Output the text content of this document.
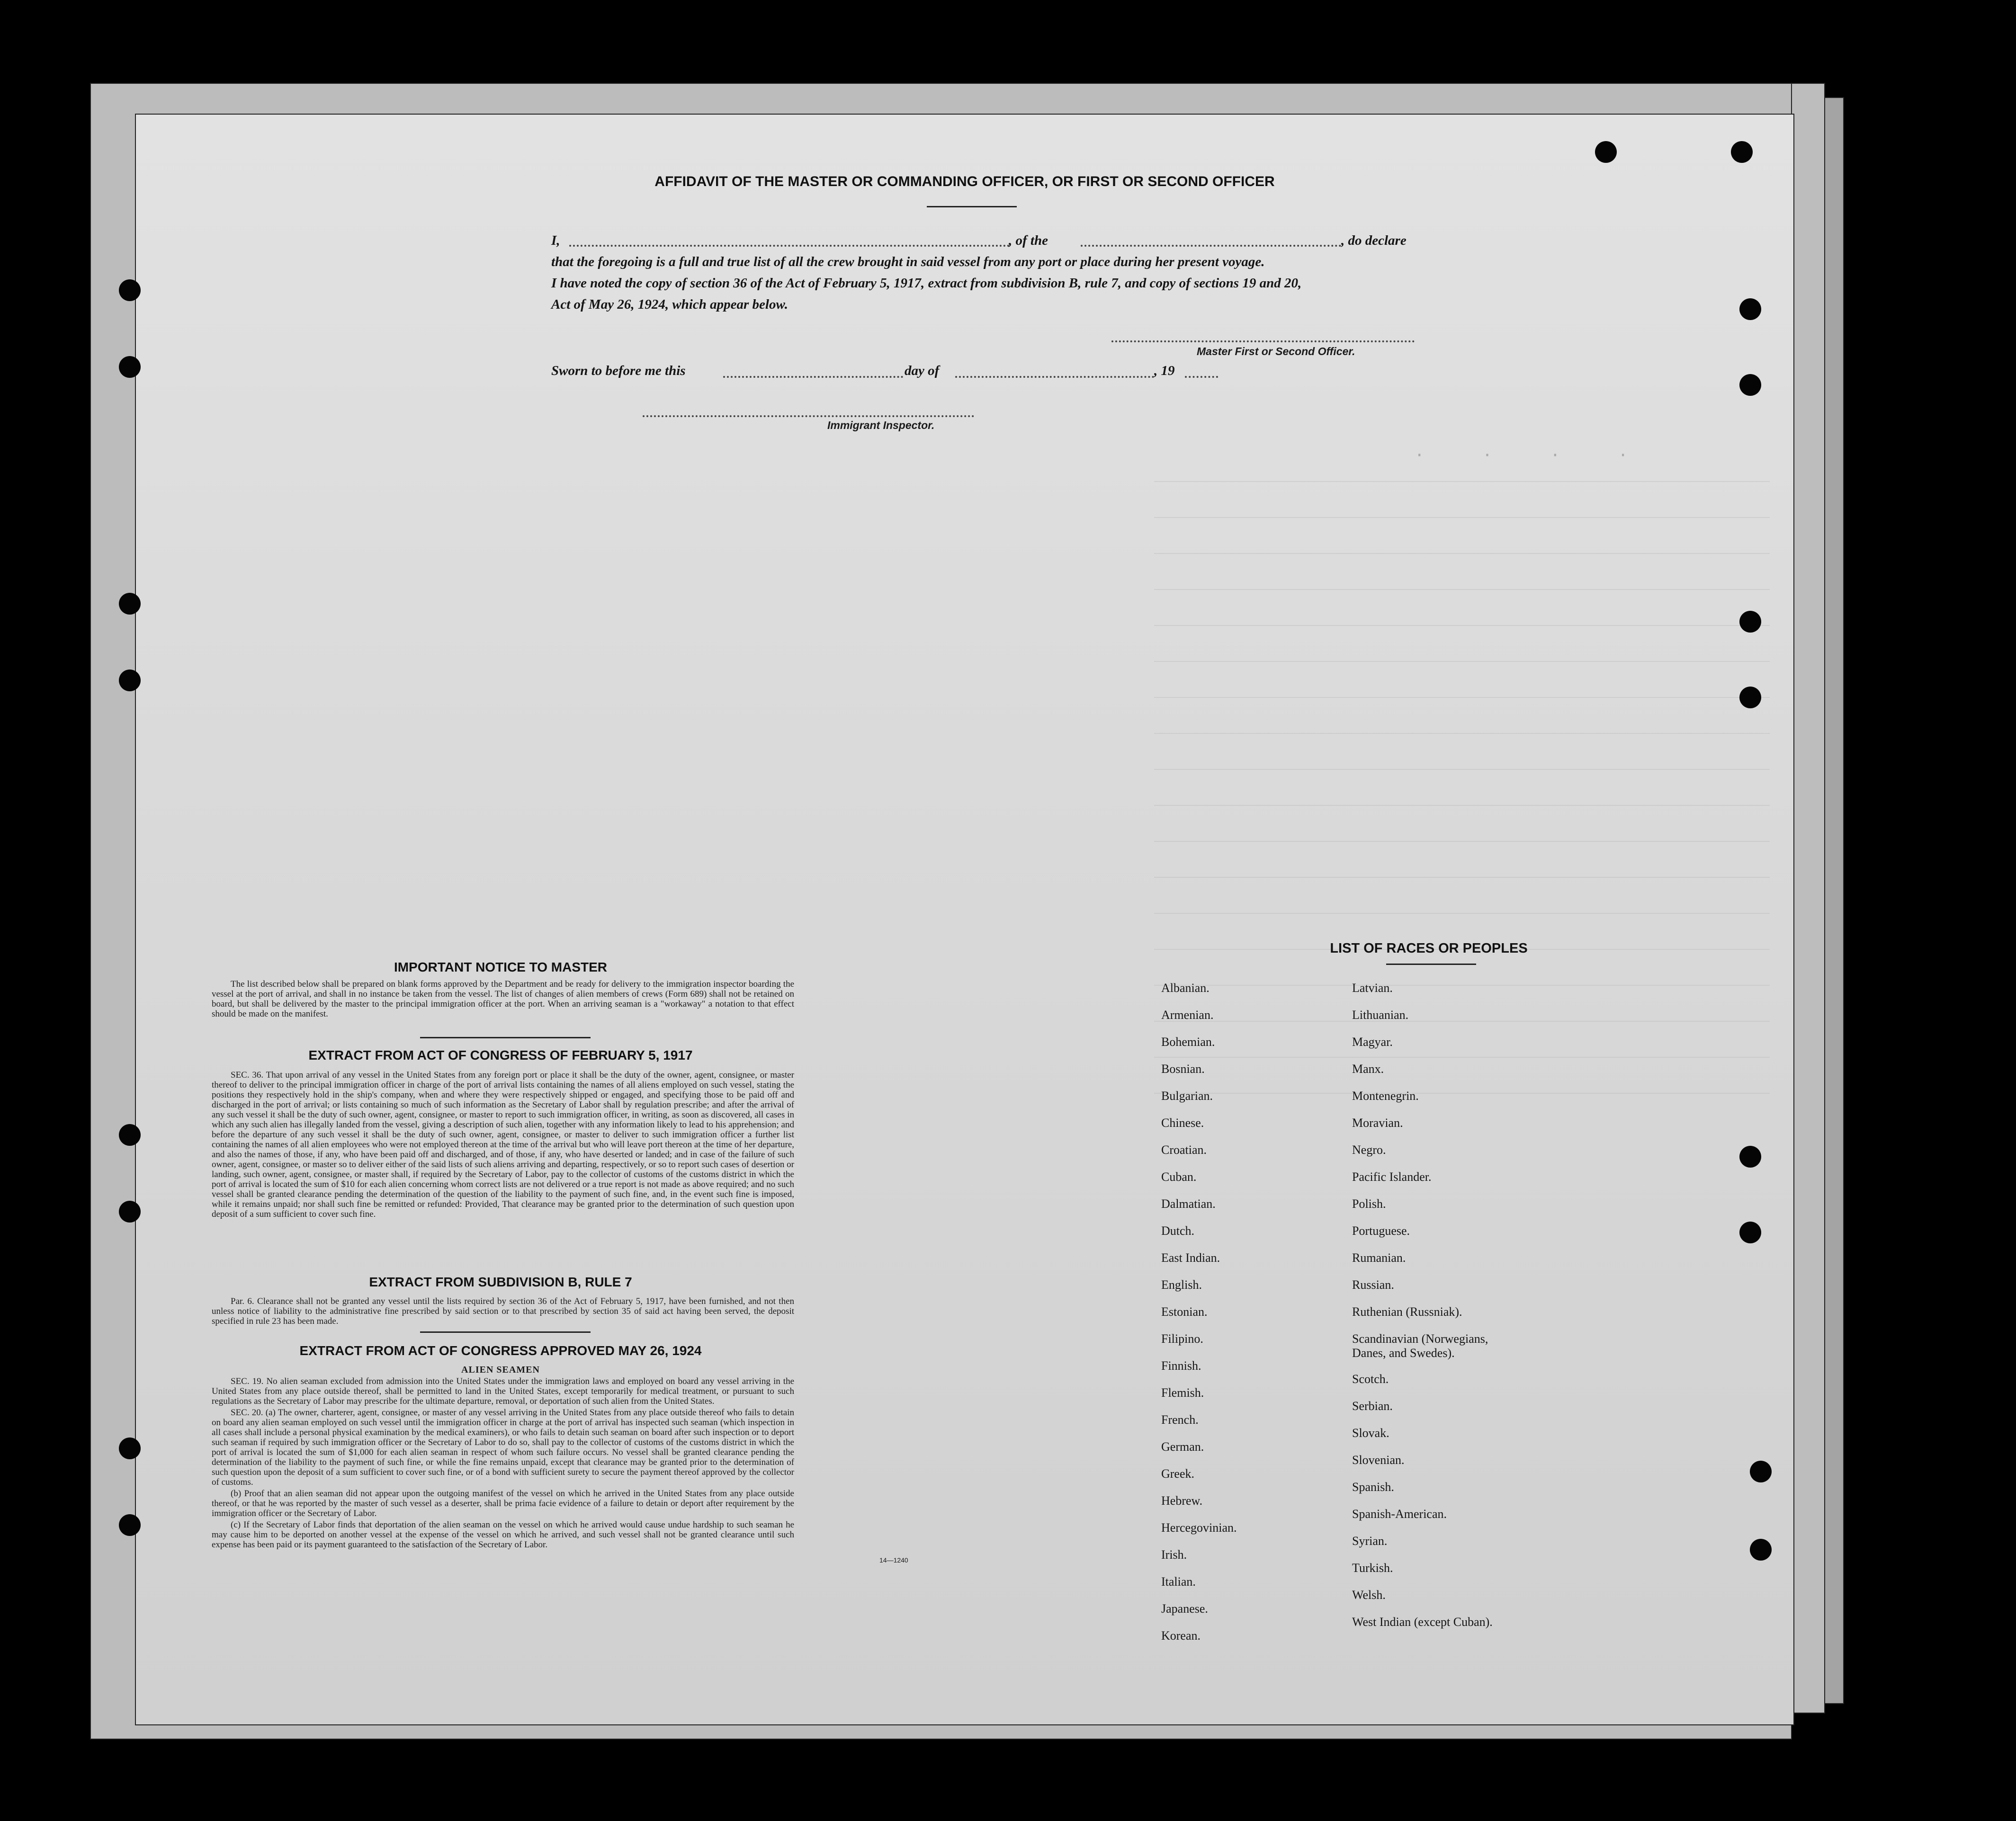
·      ·      ·      ·
AFFIDAVIT OF THE MASTER OR COMMANDING OFFICER, OR FIRST OR SECOND OFFICER
I,	, of the	, do declare
that the foregoing is a full and true list of all the crew brought in said vessel from any port or place during her present voyage.
I have noted the copy of section 36 of the Act of February 5, 1917, extract from subdivision B, rule 7, and copy of sections 19 and 20,
Act of May 26, 1924, which appear below.
Master First or Second Officer.
Sworn to before me this	day of	, 19
Immigrant Inspector.
IMPORTANT NOTICE TO MASTER
The list described below shall be prepared on blank forms approved by the Department and be ready for delivery to the immigration inspector boarding the vessel at the port of arrival, and shall in no instance be taken from the vessel. The list of changes of alien members of crews (Form 689) shall not be retained on board, but shall be delivered by the master to the principal immigration officer at the port. When an arriving seaman is a "workaway" a notation to that effect should be made on the manifest.
EXTRACT FROM ACT OF CONGRESS OF FEBRUARY 5, 1917
SEC. 36. That upon arrival of any vessel in the United States from any foreign port or place it shall be the duty of the owner, agent, consignee, or master thereof to deliver to the principal immigration officer in charge of the port of arrival lists containing the names of all aliens employed on such vessel, stating the positions they respectively hold in the ship's company, when and where they were respectively shipped or engaged, and specifying those to be paid off and discharged in the port of arrival; or lists containing so much of such information as the Secretary of Labor shall by regulation prescribe; and after the arrival of any such vessel it shall be the duty of such owner, agent, consignee, or master to report to such immigration officer, in writing, as soon as discovered, all cases in which any such alien has illegally landed from the vessel, giving a description of such alien, together with any information likely to lead to his apprehension; and before the departure of any such vessel it shall be the duty of such owner, agent, consignee, or master to deliver to such immigration officer a further list containing the names of all alien employees who were not employed thereon at the time of the arrival but who will leave port thereon at the time of her departure, and also the names of those, if any, who have been paid off and discharged, and of those, if any, who have deserted or landed; and in case of the failure of such owner, agent, consignee, or master so to deliver either of the said lists of such aliens arriving and departing, respectively, or so to report such cases of desertion or landing, such owner, agent, consignee, or master shall, if required by the Secretary of Labor, pay to the collector of customs of the customs district in which the port of arrival is located the sum of $10 for each alien concerning whom correct lists are not delivered or a true report is not made as above required; and no such vessel shall be granted clearance pending the determination of the question of the liability to the payment of such fine, and, in the event such fine is imposed, while it remains unpaid; nor shall such fine be remitted or refunded: Provided, That clearance may be granted prior to the determination of such question upon deposit of a sum sufficient to cover such fine.
EXTRACT FROM SUBDIVISION B, RULE 7
Par. 6. Clearance shall not be granted any vessel until the lists required by section 36 of the Act of February 5, 1917, have been furnished, and not then unless notice of liability to the administrative fine prescribed by said section or to that prescribed by section 35 of said act having been served, the deposit specified in rule 23 has been made.
EXTRACT FROM ACT OF CONGRESS APPROVED MAY 26, 1924
ALIEN SEAMEN
SEC. 19. No alien seaman excluded from admission into the United States under the immigration laws and employed on board any vessel arriving in the United States from any place outside thereof, shall be permitted to land in the United States, except temporarily for medical treatment, or pursuant to such regulations as the Secretary of Labor may prescribe for the ultimate departure, removal, or deportation of such alien from the United States.
SEC. 20. (a) The owner, charterer, agent, consignee, or master of any vessel arriving in the United States from any place outside thereof who fails to detain on board any alien seaman employed on such vessel until the immigration officer in charge at the port of arrival has inspected such seaman (which inspection in all cases shall include a personal physical examination by the medical examiners), or who fails to detain such seaman on board after such inspection or to deport such seaman if required by such immigration officer or the Secretary of Labor to do so, shall pay to the collector of customs of the customs district in which the port of arrival is located the sum of $1,000 for each alien seaman in respect of whom such failure occurs. No vessel shall be granted clearance pending the determination of the liability to the payment of such fine, or while the fine remains unpaid, except that clearance may be granted prior to the determination of such question upon the deposit of a sum sufficient to cover such fine, or of a bond with sufficient surety to secure the payment thereof approved by the collector of customs.
(b) Proof that an alien seaman did not appear upon the outgoing manifest of the vessel on which he arrived in the United States from any place outside thereof, or that he was reported by the master of such vessel as a deserter, shall be prima facie evidence of a failure to detain or deport after requirement by the immigration officer or the Secretary of Labor.
(c) If the Secretary of Labor finds that deportation of the alien seaman on the vessel on which he arrived would cause undue hardship to such seaman he may cause him to be deported on another vessel at the expense of the vessel on which he arrived, and such vessel shall not be granted clearance until such expense has been paid or its payment guaranteed to the satisfaction of the Secretary of Labor.
14—1240
LIST OF RACES OR PEOPLES
Albanian.
Armenian.
Bohemian.
Bosnian.
Bulgarian.
Chinese.
Croatian.
Cuban.
Dalmatian.
Dutch.
East Indian.
English.
Estonian.
Filipino.
Finnish.
Flemish.
French.
German.
Greek.
Hebrew.
Hercegovinian.
Irish.
Italian.
Japanese.
Korean.
Latvian.
Lithuanian.
Magyar.
Manx.
Montenegrin.
Moravian.
Negro.
Pacific Islander.
Polish.
Portuguese.
Rumanian.
Russian.
Ruthenian (Russniak).
Scandinavian (Norwegians, Danes, and Swedes).
Scotch.
Serbian.
Slovak.
Slovenian.
Spanish.
Spanish-American.
Syrian.
Turkish.
Welsh.
West Indian (except Cuban).
